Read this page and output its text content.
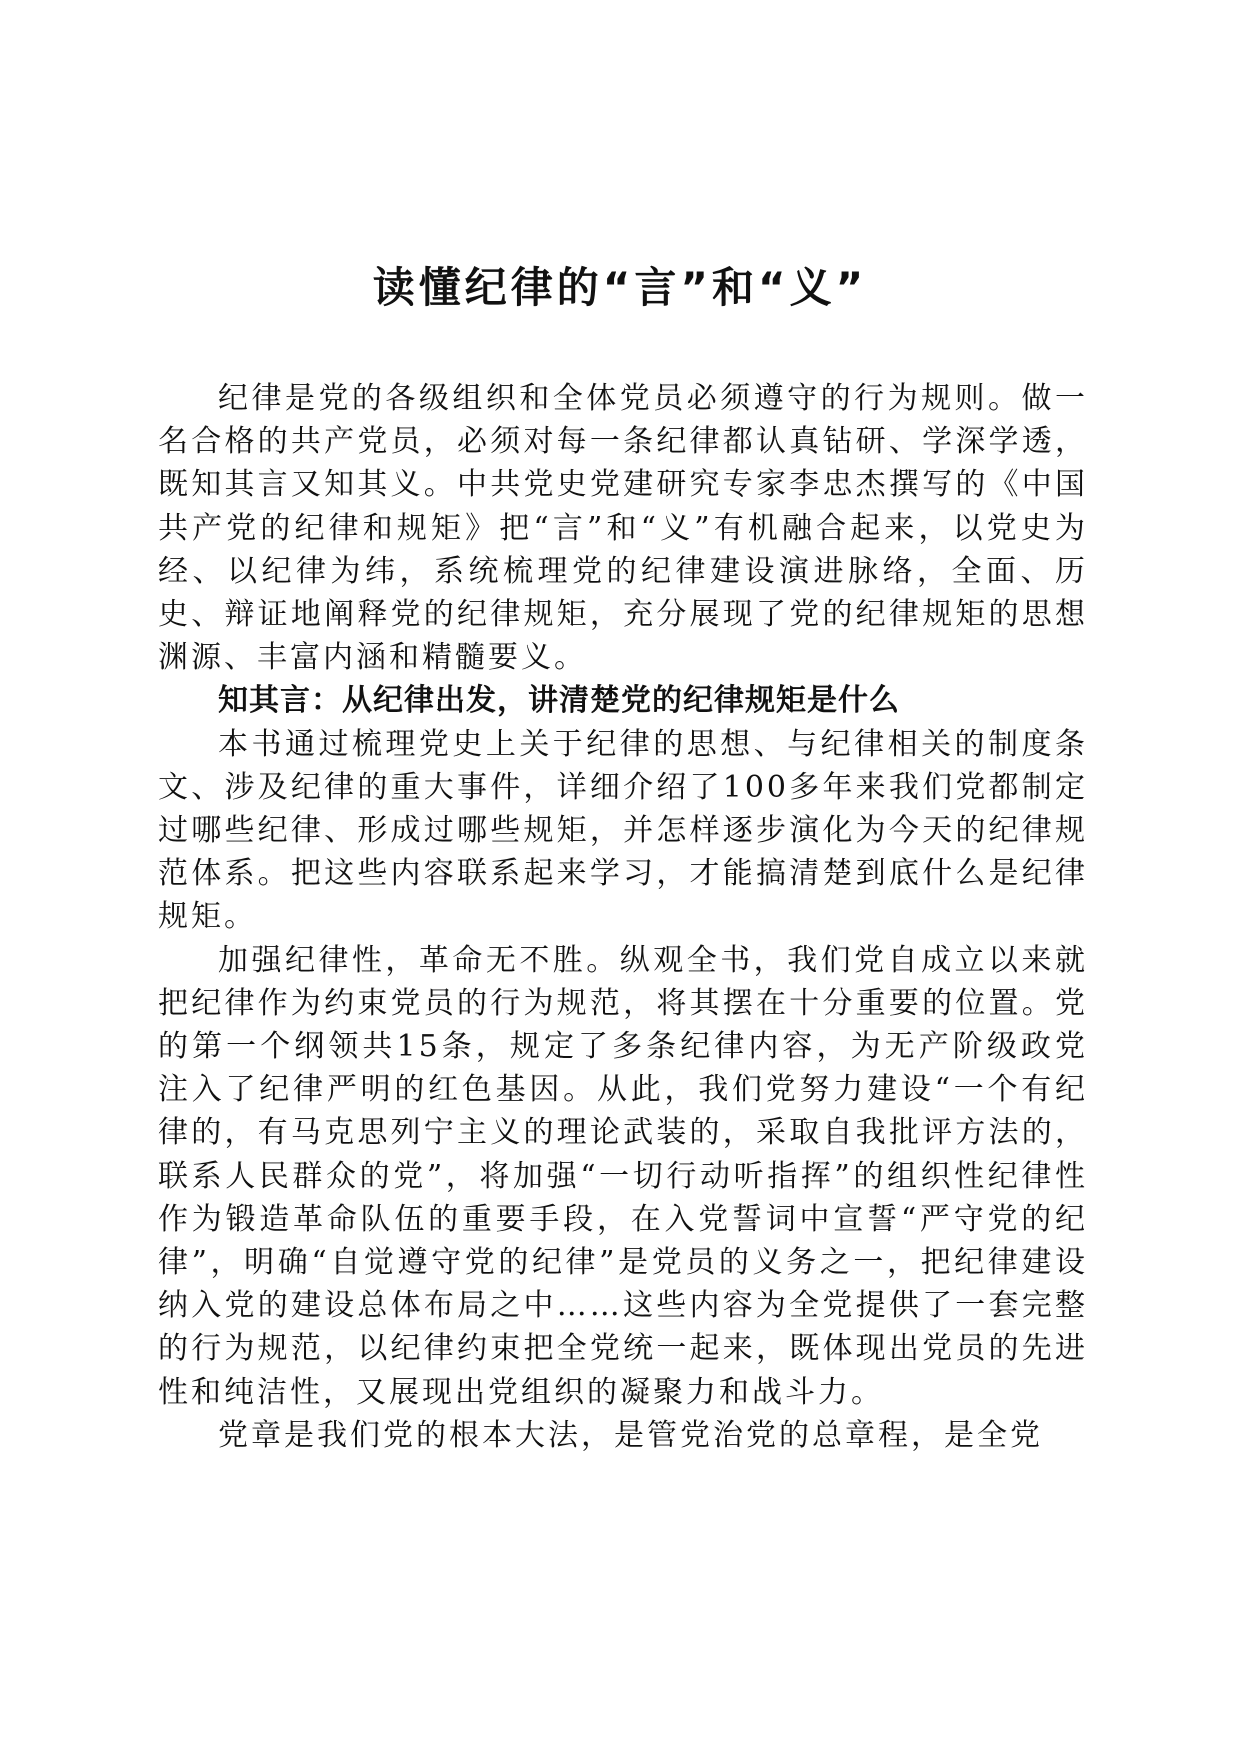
读懂纪律的“言”和“义”

纪律是党的各级组织和全体党员必须遵守的行为规则。做一名合格的共产党员，必须对每一条纪律都认真钻研、学深学透，既知其言又知其义。中共党史党建研究专家李忠杰撰写的《中国共产党的纪律和规矩》把“言”和“义”有机融合起来，以党史为经、以纪律为纬，系统梳理党的纪律建设演进脉络，全面、历史、辩证地阐释党的纪律规矩，充分展现了党的纪律规矩的思想渊源、丰富内涵和精髓要义。

知其言：从纪律出发，讲清楚党的纪律规矩是什么

本书通过梳理党史上关于纪律的思想、与纪律相关的制度条文、涉及纪律的重大事件，详细介绍了100多年来我们党都制定过哪些纪律、形成过哪些规矩，并怎样逐步演化为今天的纪律规范体系。把这些内容联系起来学习，才能搞清楚到底什么是纪律规矩。

加强纪律性，革命无不胜。纵观全书，我们党自成立以来就把纪律作为约束党员的行为规范，将其摆在十分重要的位置。党的第一个纲领共15条，规定了多条纪律内容，为无产阶级政党注入了纪律严明的红色基因。从此，我们党努力建设“一个有纪律的，有马克思列宁主义的理论武装的，采取自我批评方法的，联系人民群众的党”，将加强“一切行动听指挥”的组织性纪律性作为锻造革命队伍的重要手段，在入党誓词中宣誓“严守党的纪律”，明确“自觉遵守党的纪律”是党员的义务之一，把纪律建设纳入党的建设总体布局之中……这些内容为全党提供了一套完整的行为规范，以纪律约束把全党统一起来，既体现出党员的先进性和纯洁性，又展现出党组织的凝聚力和战斗力。

党章是我们党的根本大法，是管党治党的总章程，是全党
